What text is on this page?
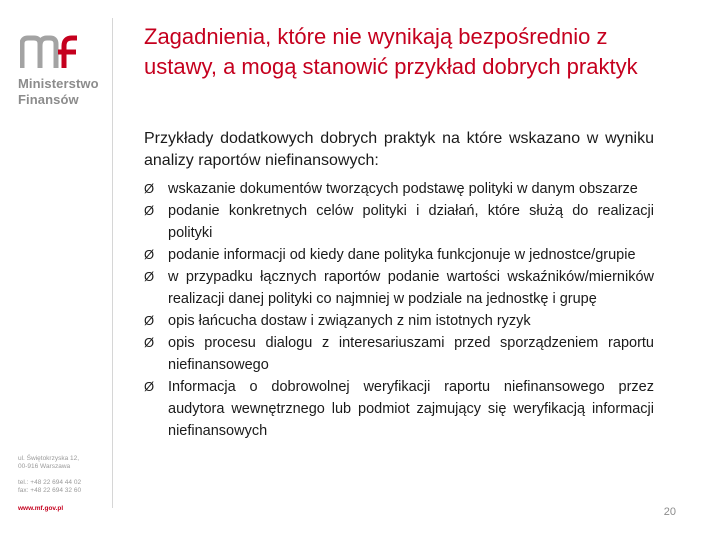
Ministerstwo
Finansów
ul. Świętokrzyska 12,
00-916 Warszawa
tel.: +48 22 694 44 02
fax: +48 22 694 32 60
www.mf.gov.pl
Zagadnienia, które nie wynikają bezpośrednio z ustawy, a mogą stanowić przykład dobrych praktyk

Przykłady dodatkowych dobrych praktyk na które wskazano w wyniku analizy raportów niefinansowych:

Ø wskazanie dokumentów tworzących podstawę polityki w danym obszarze
Ø podanie konkretnych celów polityki i działań, które służą do realizacji polityki
Ø podanie informacji od kiedy dane polityka funkcjonuje w jednostce/grupie
Ø w przypadku łącznych raportów podanie wartości wskaźników/mierników realizacji danej polityki co najmniej w podziale na jednostkę i grupę
Ø opis łańcucha dostaw i związanych z nim istotnych ryzyk
Ø opis procesu dialogu z interesariuszami przed sporządzeniem raportu niefinansowego
Ø Informacja o dobrowolnej weryfikacji raportu niefinansowego przez audytora wewnętrznego lub podmiot zajmujący się weryfikacją informacji niefinansowych
20
